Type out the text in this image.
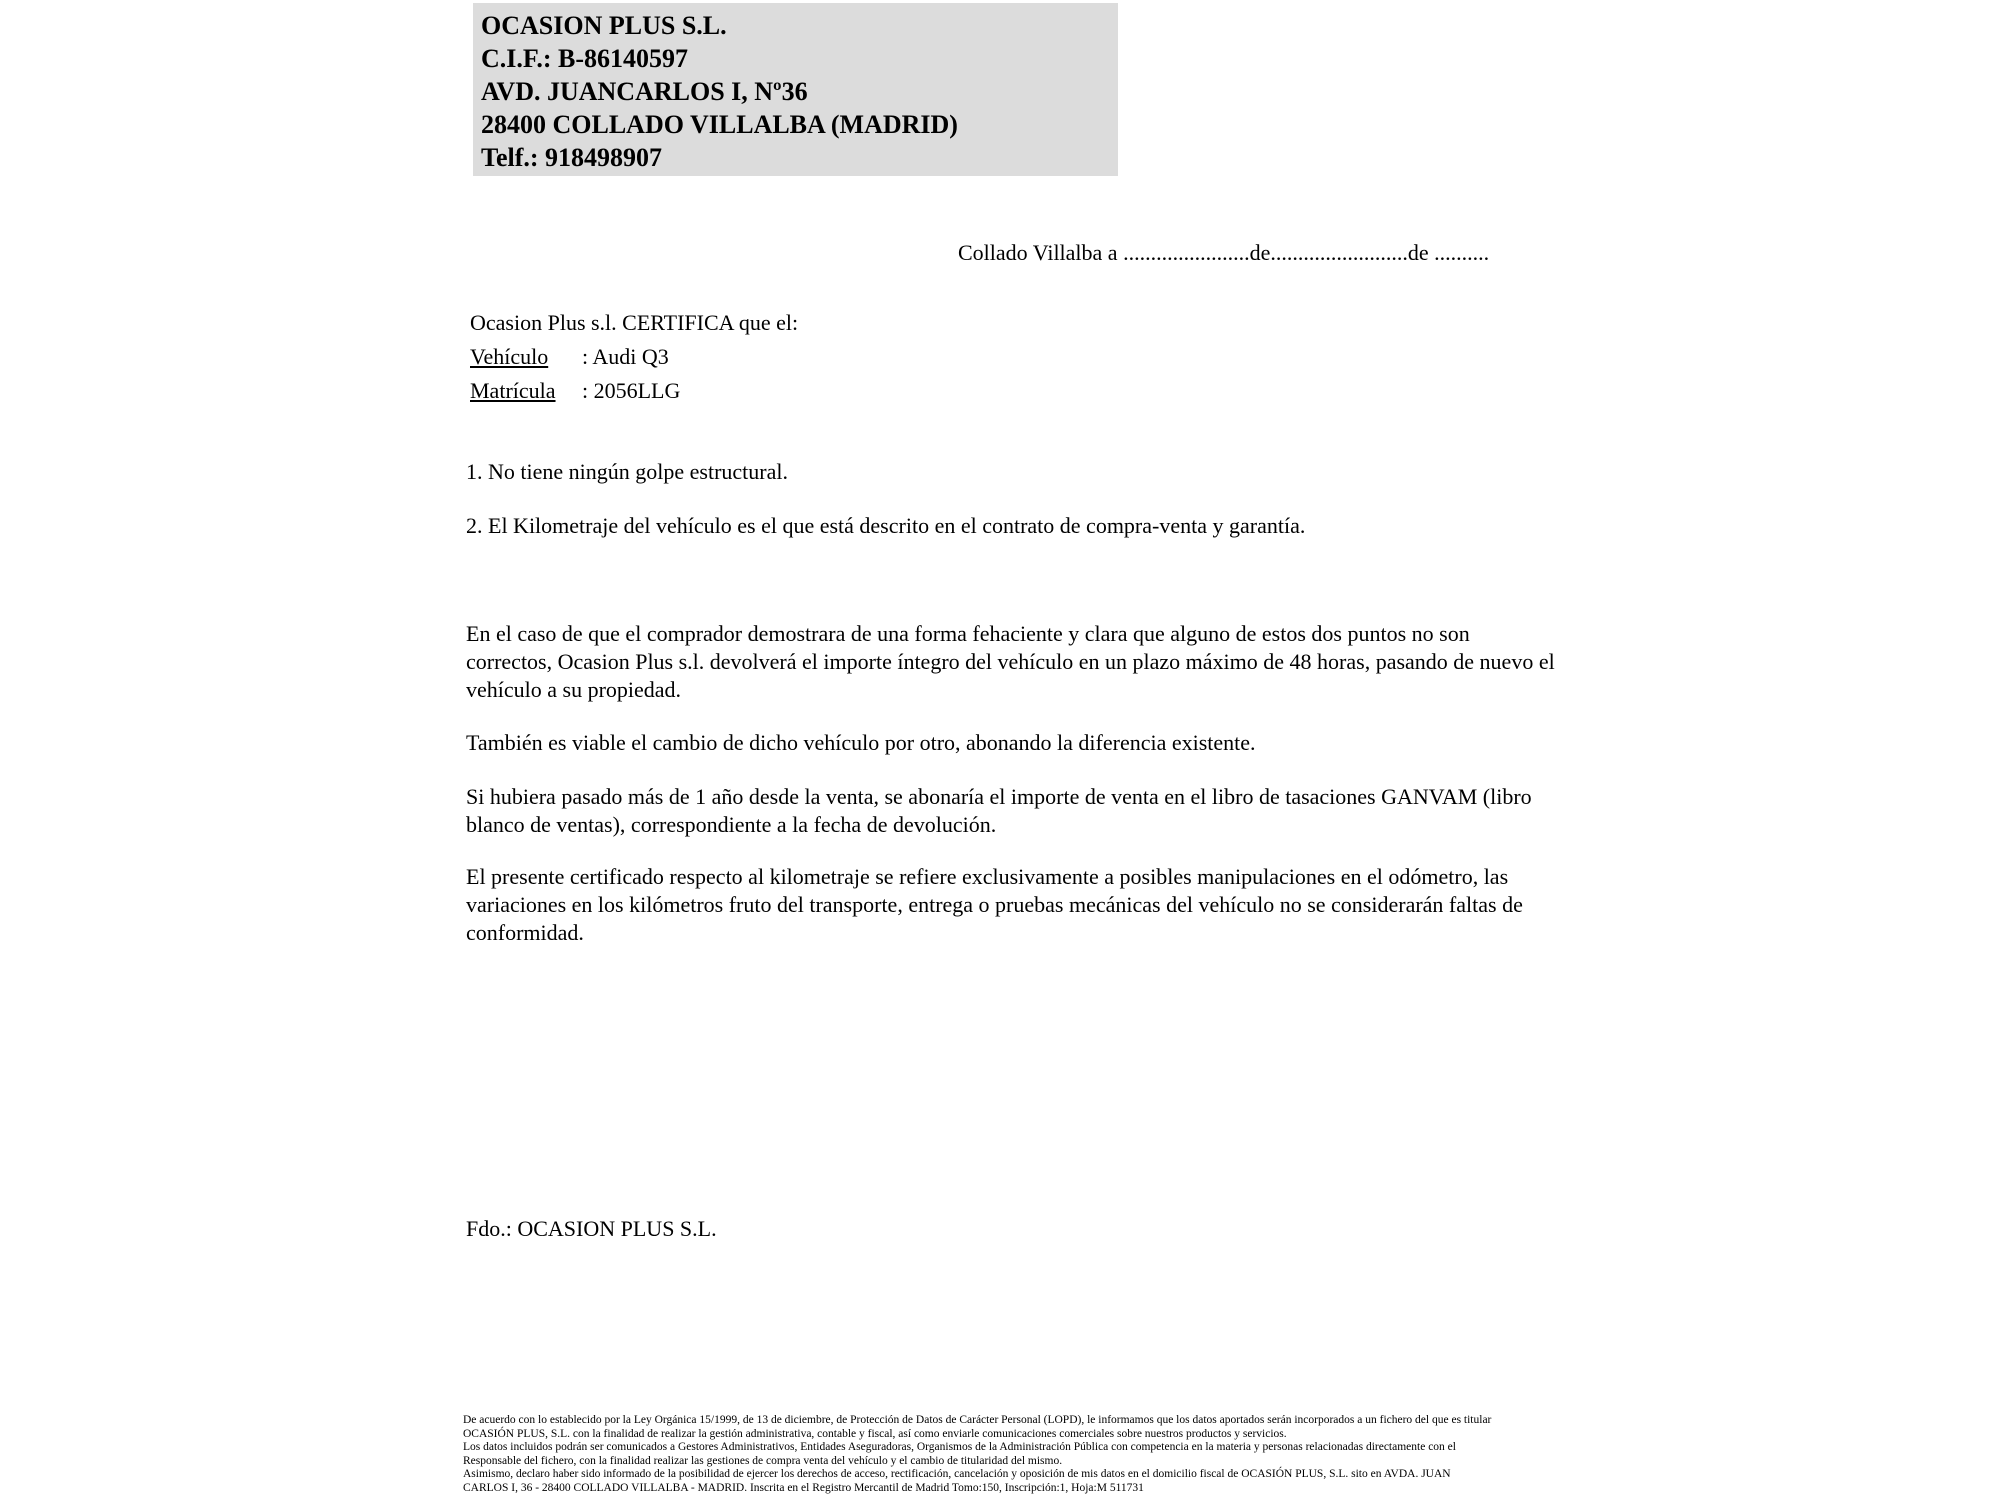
OCASION PLUS S.L.
C.I.F.: B-86140597
AVD. JUANCARLOS I, Nº36
28400 COLLADO VILLALBA (MADRID)
Telf.: 918498907
Collado Villalba a .......................de.........................de ..........
Ocasion Plus s.l. CERTIFICA que el:
Vehículo : Audi Q3
Matrícula : 2056LLG
1. No tiene ningún golpe estructural.
2. El Kilometraje del vehículo es el que está descrito en el contrato de compra-venta y garantía.
En el caso de que el comprador demostrara de una forma fehaciente y clara que alguno de estos dos puntos no son correctos, Ocasion Plus s.l. devolverá el importe íntegro del vehículo en un plazo máximo de 48 horas, pasando de nuevo el vehículo a su propiedad.
También es viable el cambio de dicho vehículo por otro, abonando la diferencia existente.
Si hubiera pasado más de 1 año desde la venta, se abonaría el importe de venta en el libro de tasaciones GANVAM (libro blanco de ventas), correspondiente a la fecha de devolución.
El presente certificado respecto al kilometraje se refiere exclusivamente a posibles manipulaciones en el odómetro, las variaciones en los kilómetros fruto del transporte, entrega o pruebas mecánicas del vehículo no se considerarán faltas de conformidad.
Fdo.: OCASION PLUS S.L.
De acuerdo con lo establecido por la Ley Orgánica 15/1999, de 13 de diciembre, de Protección de Datos de Carácter Personal (LOPD), le informamos que los datos aportados serán incorporados a un fichero del que es titular
OCASIÓN PLUS, S.L. con la finalidad de realizar la gestión administrativa, contable y fiscal, así como enviarle comunicaciones comerciales sobre nuestros productos y servicios.
Los datos incluidos podrán ser comunicados a Gestores Administrativos, Entidades Aseguradoras, Organismos de la Administración Pública con competencia en la materia y personas relacionadas directamente con el
Responsable del fichero, con la finalidad realizar las gestiones de compra venta del vehículo y el cambio de titularidad del mismo.
Asimismo, declaro haber sido informado de la posibilidad de ejercer los derechos de acceso, rectificación, cancelación y oposición de mis datos en el domicilio fiscal de OCASIÓN PLUS, S.L. sito en AVDA. JUAN
CARLOS I, 36 - 28400 COLLADO VILLALBA - MADRID. Inscrita en el Registro Mercantil de Madrid Tomo:150, Inscripción:1, Hoja:M 511731
